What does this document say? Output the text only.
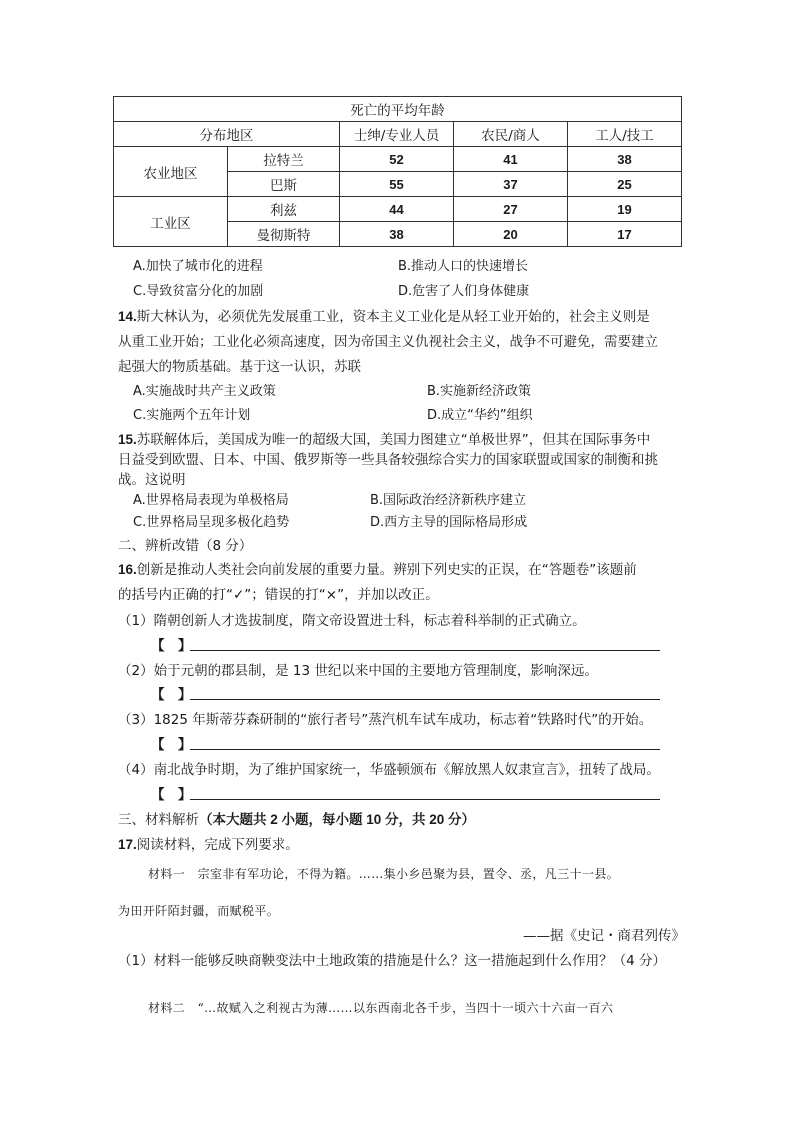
死亡的平均年龄				
分布地区		士绅/专业人员	农民/商人	工人/技工
农业地区	拉特兰	52	41	38
	巴斯	55	37	25
工业区	利兹	44	27	19
	曼彻斯特	38	20	17
A.加快了城市化的进程	B.推动人口的快速增长
C.导致贫富分化的加剧	D.危害了人们身体健康
14.斯大林认为，必须优先发展重工业，资本主义工业化是从轻工业开始的，社会主义则是
从重工业开始；工业化必须高速度，因为帝国主义仇视社会主义，战争不可避免，需要建立
起强大的物质基础。基于这一认识，苏联
A.实施战时共产主义政策	B.实施新经济政策
C.实施两个五年计划	D.成立“华约”组织
15.苏联解体后，美国成为唯一的超级大国，美国力图建立“单极世界”，但其在国际事务中
日益受到欧盟、日本、中国、俄罗斯等一些具备较强综合实力的国家联盟或国家的制衡和挑
战。这说明
A.世界格局表现为单极格局	B.国际政治经济新秩序建立
C.世界格局呈现多极化趋势	D.西方主导的国际格局形成
二、辨析改错（8 分）
16.创新是推动人类社会向前发展的重要力量。辨别下列史实的正误，在“答题卷”该题前
的括号内正确的打“✓”；错误的打“×”，并加以改正。
（1）隋朝创新人才选拔制度，隋文帝设置进士科，标志着科举制的正式确立。
【　】
（2）始于元朝的郡县制，是 13 世纪以来中国的主要地方管理制度，影响深远。
【　】
（3）1825 年斯蒂芬森研制的“旅行者号”蒸汽机车试车成功，标志着“铁路时代”的开始。
【　】
（4）南北战争时期，为了维护国家统一，华盛顿颁布《解放黑人奴隶宣言》，扭转了战局。
【　】
三、材料解析（本大题共 2 小题，每小题 10 分，共 20 分）
17.阅读材料，完成下列要求。
材料一　宗室非有军功论，不得为籍。……集小乡邑聚为县，置令、丞，凡三十一县。
为田开阡陌封疆，而赋税平。
——据《史记・商君列传》
（1）材料一能够反映商鞅变法中土地政策的措施是什么？这一措施起到什么作用？（4 分）
材料二　“…故赋入之利视古为薄……以东西南北各千步，当四十一顷六十六亩一百六
